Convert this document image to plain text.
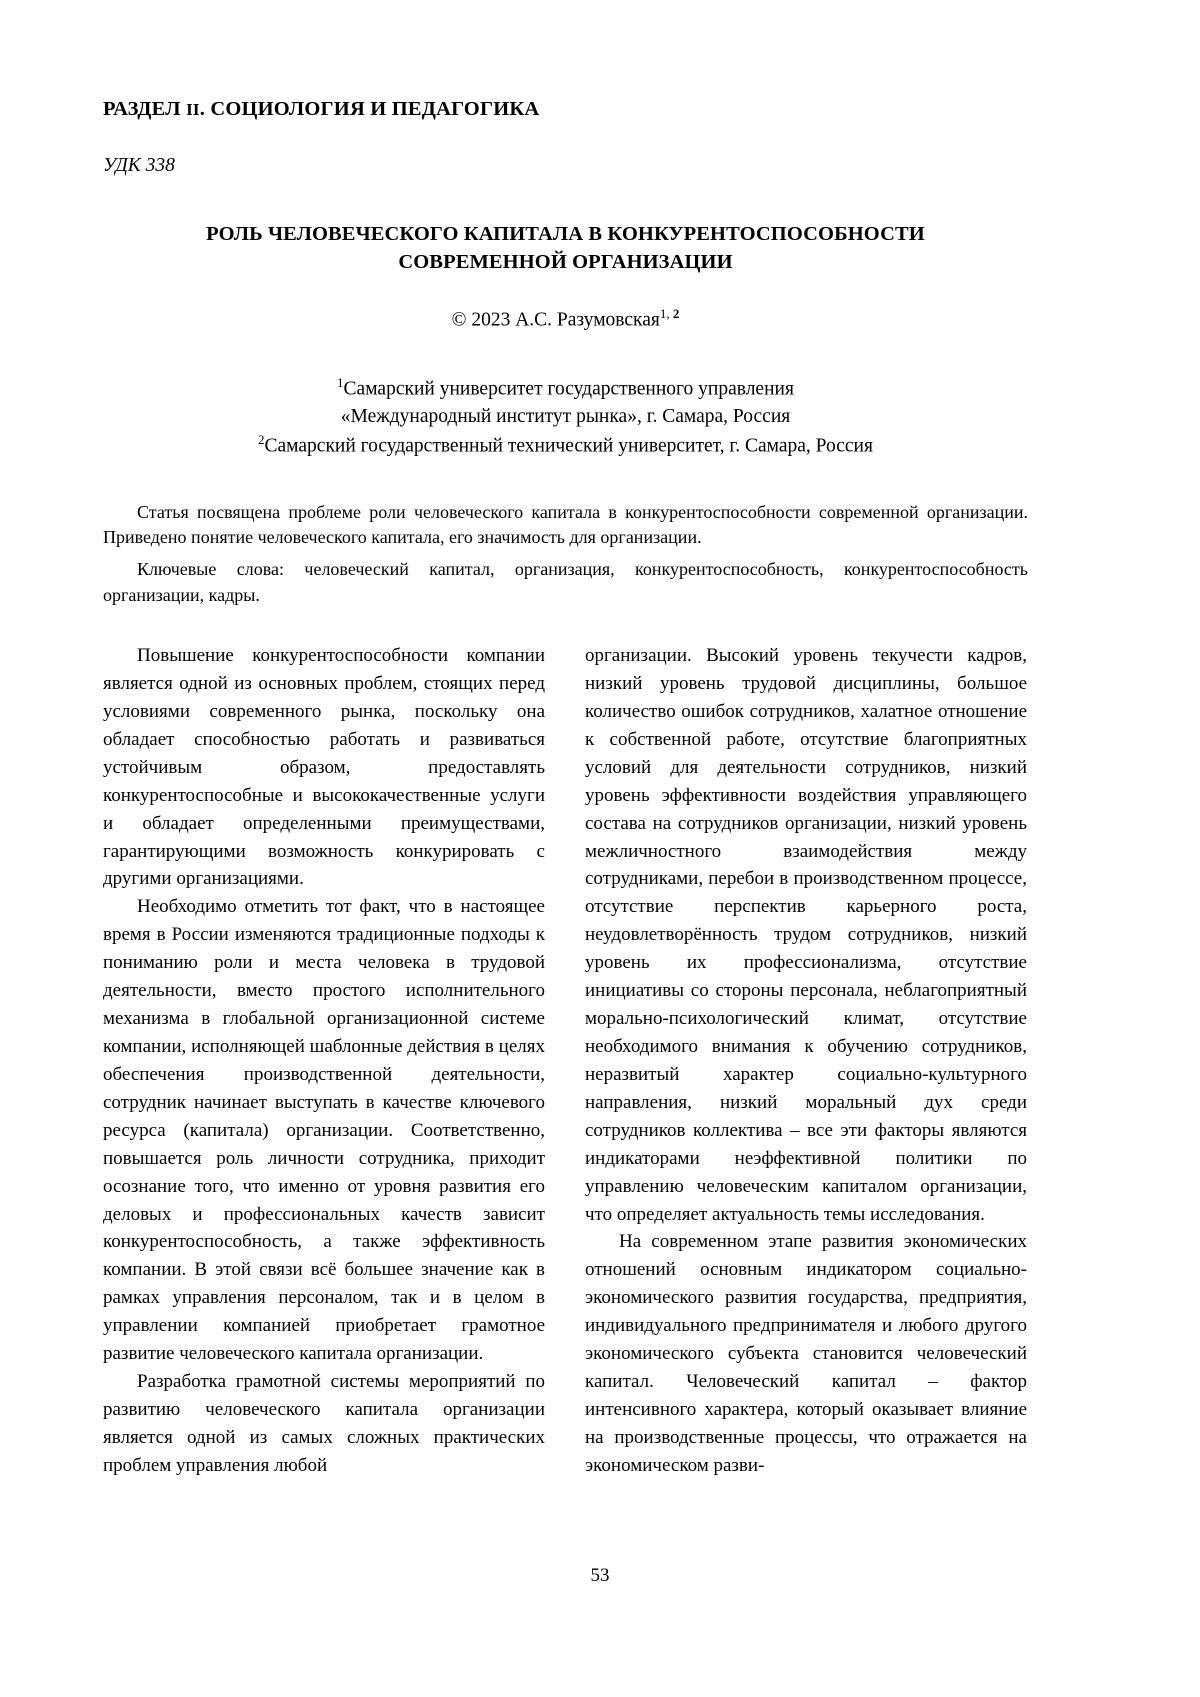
РАЗДЕЛ II. СОЦИОЛОГИЯ И ПЕДАГОГИКА
УДК 338
РОЛЬ ЧЕЛОВЕЧЕСКОГО КАПИТАЛА В КОНКУРЕНТОСПОСОБНОСТИ СОВРЕМЕННОЙ ОРГАНИЗАЦИИ
© 2023 А.С. Разумовская$^{1, 2}$
$^1$Самарский университет государственного управления
«Международный институт рынка», г. Самара, Россия
$^2$Самарский государственный технический университет, г. Самара, Россия

Статья посвящена проблеме роли человеческого капитала в конкурентоспособности современной организации. Приведено понятие человеческого капитала, его значимость для организации.

Ключевые слова: человеческий капитал, организация, конкурентоспособность, конкурентоспособность организации, кадры.

Повышение конкурентоспособности компании является одной из основных проблем, стоящих перед условиями современного рынка, поскольку она обладает способностью работать и развиваться устойчивым образом, предоставлять конкурентоспособные и высококачественные услуги и обладает определенными преимуществами, гарантирующими возможность конкурировать с другими организациями.

Необходимо отметить тот факт, что в настоящее время в России изменяются традиционные подходы к пониманию роли и места человека в трудовой деятельности, вместо простого исполнительного механизма в глобальной организационной системе компании, исполняющей шаблонные действия в целях обеспечения производственной деятельности, сотрудник начинает выступать в качестве ключевого ресурса (капитала) организации. Соответственно, повышается роль личности сотрудника, приходит осознание того, что именно от уровня развития его деловых и профессиональных качеств зависит конкурентоспособность, а также эффективность компании. В этой связи всё большее значение как в рамках управления персоналом, так и в целом в управлении компанией приобретает грамотное развитие человеческого капитала организации.

Разработка грамотной системы мероприятий по развитию человеческого капитала организации является одной из самых сложных практических проблем управления любой

организации. Высокий уровень текучести кадров, низкий уровень трудовой дисциплины, большое количество ошибок сотрудников, халатное отношение к собственной работе, отсутствие благоприятных условий для деятельности сотрудников, низкий уровень эффективности воздействия управляющего состава на сотрудников организации, низкий уровень межличностного взаимодействия между сотрудниками, перебои в производственном процессе, отсутствие перспектив карьерного роста, неудовлетворённость трудом сотрудников, низкий уровень их профессионализма, отсутствие инициативы со стороны персонала, неблагоприятный морально-психологический климат, отсутствие необходимого внимания к обучению сотрудников, неразвитый характер социально-культурного направления, низкий моральный дух среди сотрудников коллектива – все эти факторы являются индикаторами неэффективной политики по управлению человеческим капиталом организации, что определяет актуальность темы исследования.

На современном этапе развития экономических отношений основным индикатором социально-экономического развития государства, предприятия, индивидуального предпринимателя и любого другого экономического субъекта становится человеческий капитал. Человеческий капитал – фактор интенсивного характера, который оказывает влияние на производственные процессы, что отражается на экономическом разви-

53
